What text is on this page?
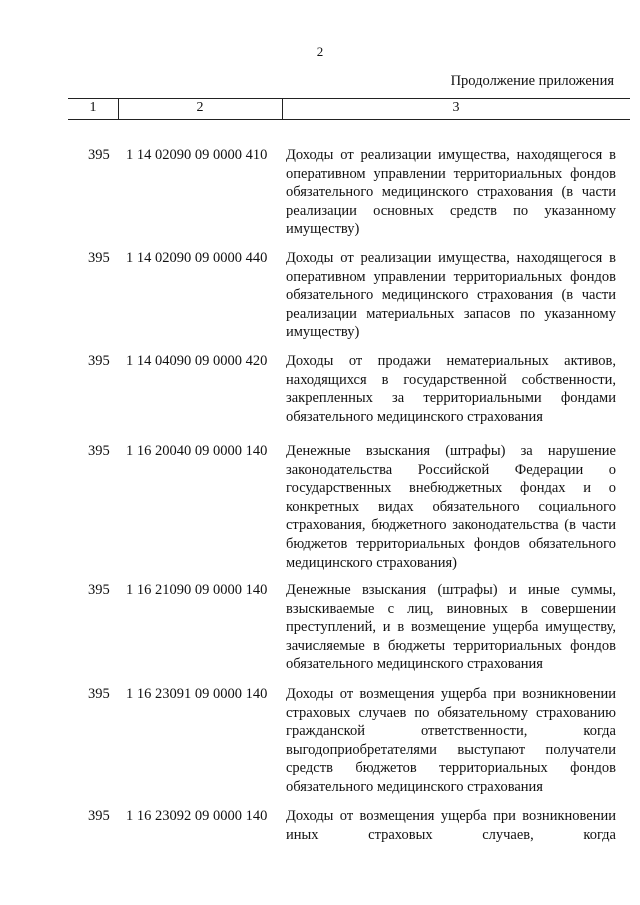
2
Продолжение приложения
1	2	3
395 1 14 02090 09 0000 410 Доходы от реализации имущества, находящегося в оперативном управлении территориальных фондов обязательного медицинского страхования (в части реализации основных средств по указанному имуществу)
395 1 14 02090 09 0000 440 Доходы от реализации имущества, находящегося в оперативном управлении территориальных фондов обязательного медицинского страхования (в части реализации материальных запасов по указанному имуществу)
395 1 14 04090 09 0000 420 Доходы от продажи нематериальных активов, находящихся в государственной собственности, закрепленных за территориальными фондами обязательного медицинского страхования
395 1 16 20040 09 0000 140 Денежные взыскания (штрафы) за нарушение законодательства Российской Федерации о государственных внебюджетных фондах и о конкретных видах обязательного социального страхования, бюджетного законодательства (в части бюджетов территориальных фондов обязательного медицинского страхования)
395 1 16 21090 09 0000 140 Денежные взыскания (штрафы) и иные суммы, взыскиваемые с лиц, виновных в совершении преступлений, и в возмещение ущерба имуществу, зачисляемые в бюджеты территориальных фондов обязательного медицинского страхования
395 1 16 23091 09 0000 140 Доходы от возмещения ущерба при возникновении страховых случаев по обязательному страхованию гражданской ответственности, когда выгодоприобретателями выступают получатели средств бюджетов территориальных фондов обязательного медицинского страхования
395 1 16 23092 09 0000 140 Доходы от возмещения ущерба при возникновении иных страховых случаев, когда
